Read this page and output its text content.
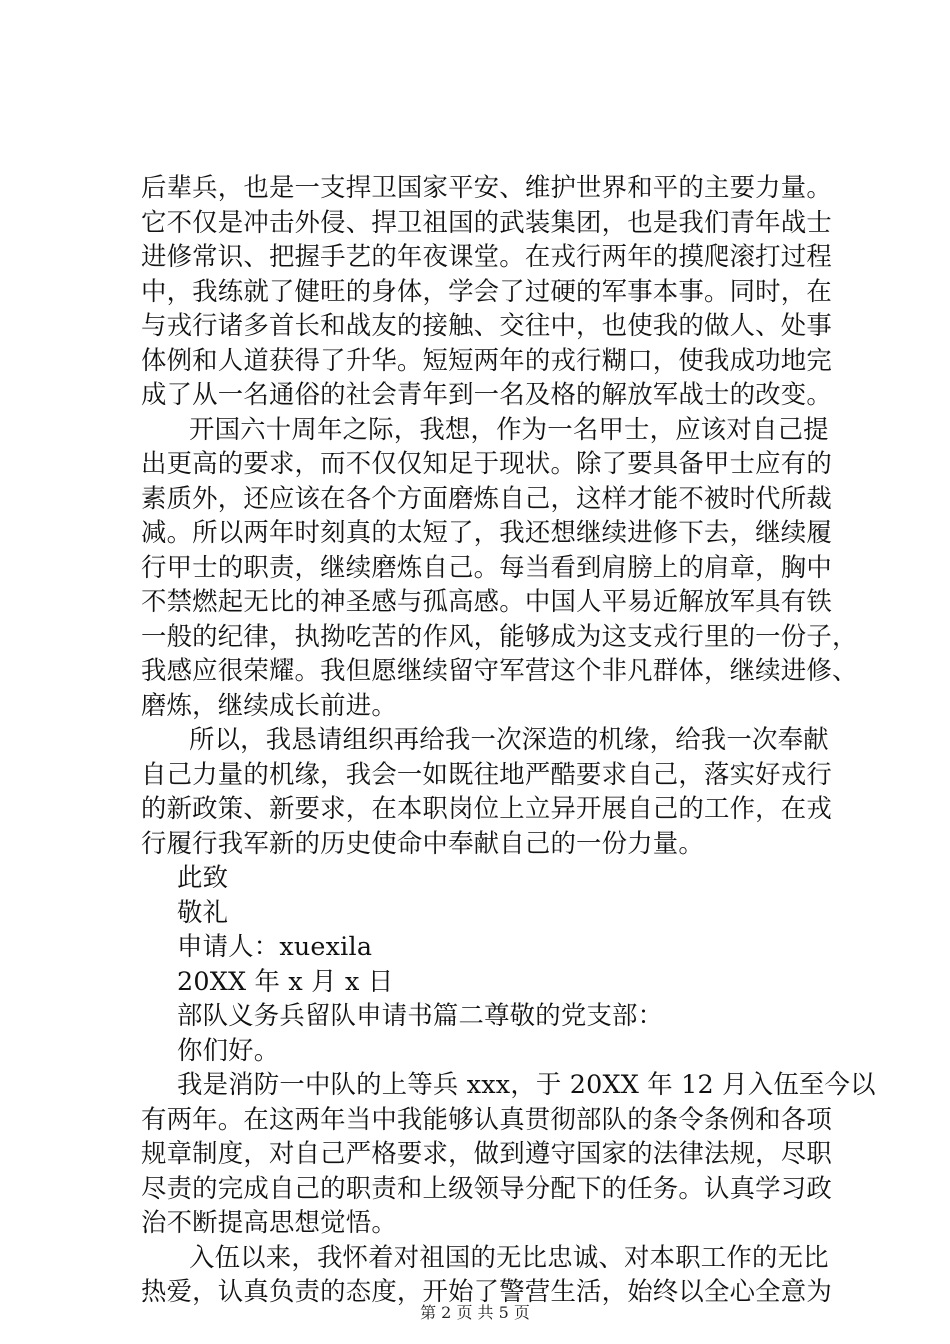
后辈兵，也是一支捍卫国家平安、维护世界和平的主要力量。
它不仅是冲击外侵、捍卫祖国的武装集团，也是我们青年战士
进修常识、把握手艺的年夜课堂。在戎行两年的摸爬滚打过程
中，我练就了健旺的身体，学会了过硬的军事本事。同时，在
与戎行诸多首长和战友的接触、交往中，也使我的做人、处事
体例和人道获得了升华。短短两年的戎行糊口，使我成功地完
成了从一名通俗的社会青年到一名及格的解放军战士的改变。
开国六十周年之际，我想，作为一名甲士，应该对自己提
出更高的要求，而不仅仅知足于现状。除了要具备甲士应有的
素质外，还应该在各个方面磨炼自己，这样才能不被时代所裁
减。所以两年时刻真的太短了，我还想继续进修下去，继续履
行甲士的职责，继续磨炼自己。每当看到肩膀上的肩章，胸中
不禁燃起无比的神圣感与孤高感。中国人平易近解放军具有铁
一般的纪律，执拗吃苦的作风，能够成为这支戎行里的一份子，
我感应很荣耀。我但愿继续留守军营这个非凡群体，继续进修、
磨炼，继续成长前进。
所以，我恳请组织再给我一次深造的机缘，给我一次奉献
自己力量的机缘，我会一如既往地严酷要求自己，落实好戎行
的新政策、新要求，在本职岗位上立异开展自己的工作，在戎
行履行我军新的历史使命中奉献自己的一份力量。
此致
敬礼
申请人：xuexila
20XX 年 x 月 x 日
部队义务兵留队申请书篇二尊敬的党支部：
你们好。
我是消防一中队的上等兵 xxx，于 20XX 年 12 月入伍至今以
有两年。在这两年当中我能够认真贯彻部队的条令条例和各项
规章制度，对自己严格要求，做到遵守国家的法律法规，尽职
尽责的完成自己的职责和上级领导分配下的任务。认真学习政
治不断提高思想觉悟。
入伍以来，我怀着对祖国的无比忠诚、对本职工作的无比
热爱，认真负责的态度，开始了警营生活，始终以全心全意为
第 2 页 共 5 页
